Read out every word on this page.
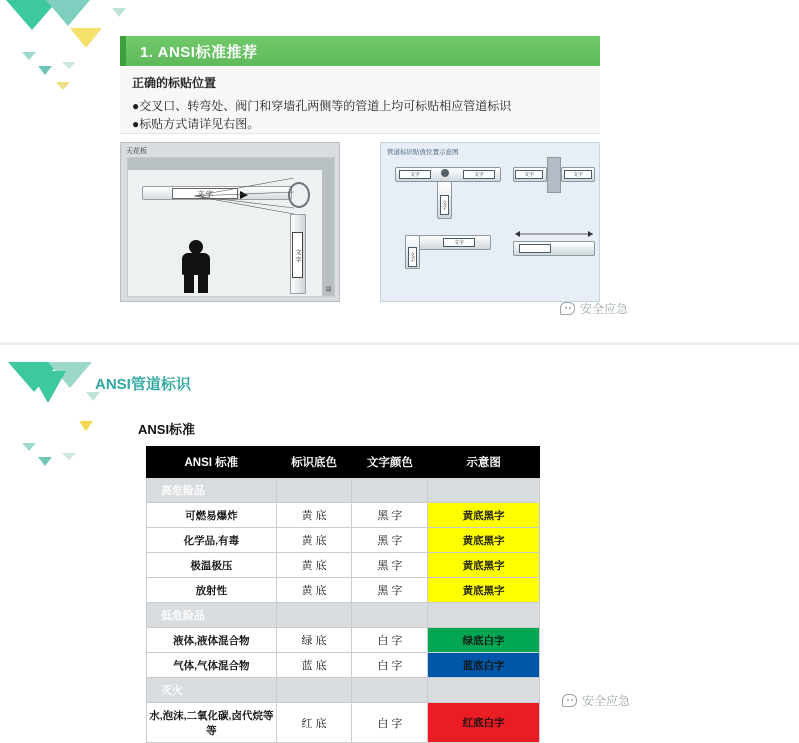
1. ANSI标准推荐

正确的标贴位置

●交叉口、转弯处、阀门和穿墙孔两侧等的管道上均可标贴相应管道标识

●标贴方式请详见右图。

天花板
墙
文 字
文 字
管道标识贴放位置示意图
文字	文字
文字
文字	文字
文字
文字
安全应急
安全应急
ANSI管道标识
ANSI标准
ANSI 标准	标识底色	文字颜色	示意图
高危险品			
可燃易爆炸	黄 底	黑 字	黄底黑字
化学品,有毒	黄 底	黑 字	黄底黑字
极温极压	黄 底	黑 字	黄底黑字
放射性	黄 底	黑 字	黄底黑字
低危险品			
液体,液体混合物	绿 底	白 字	绿底白字
气体,气体混合物	蓝 底	白 字	蓝底白字
灭火			
水,泡沫,二氧化碳,卤代烷等等	红 底	白 字	红底白字
